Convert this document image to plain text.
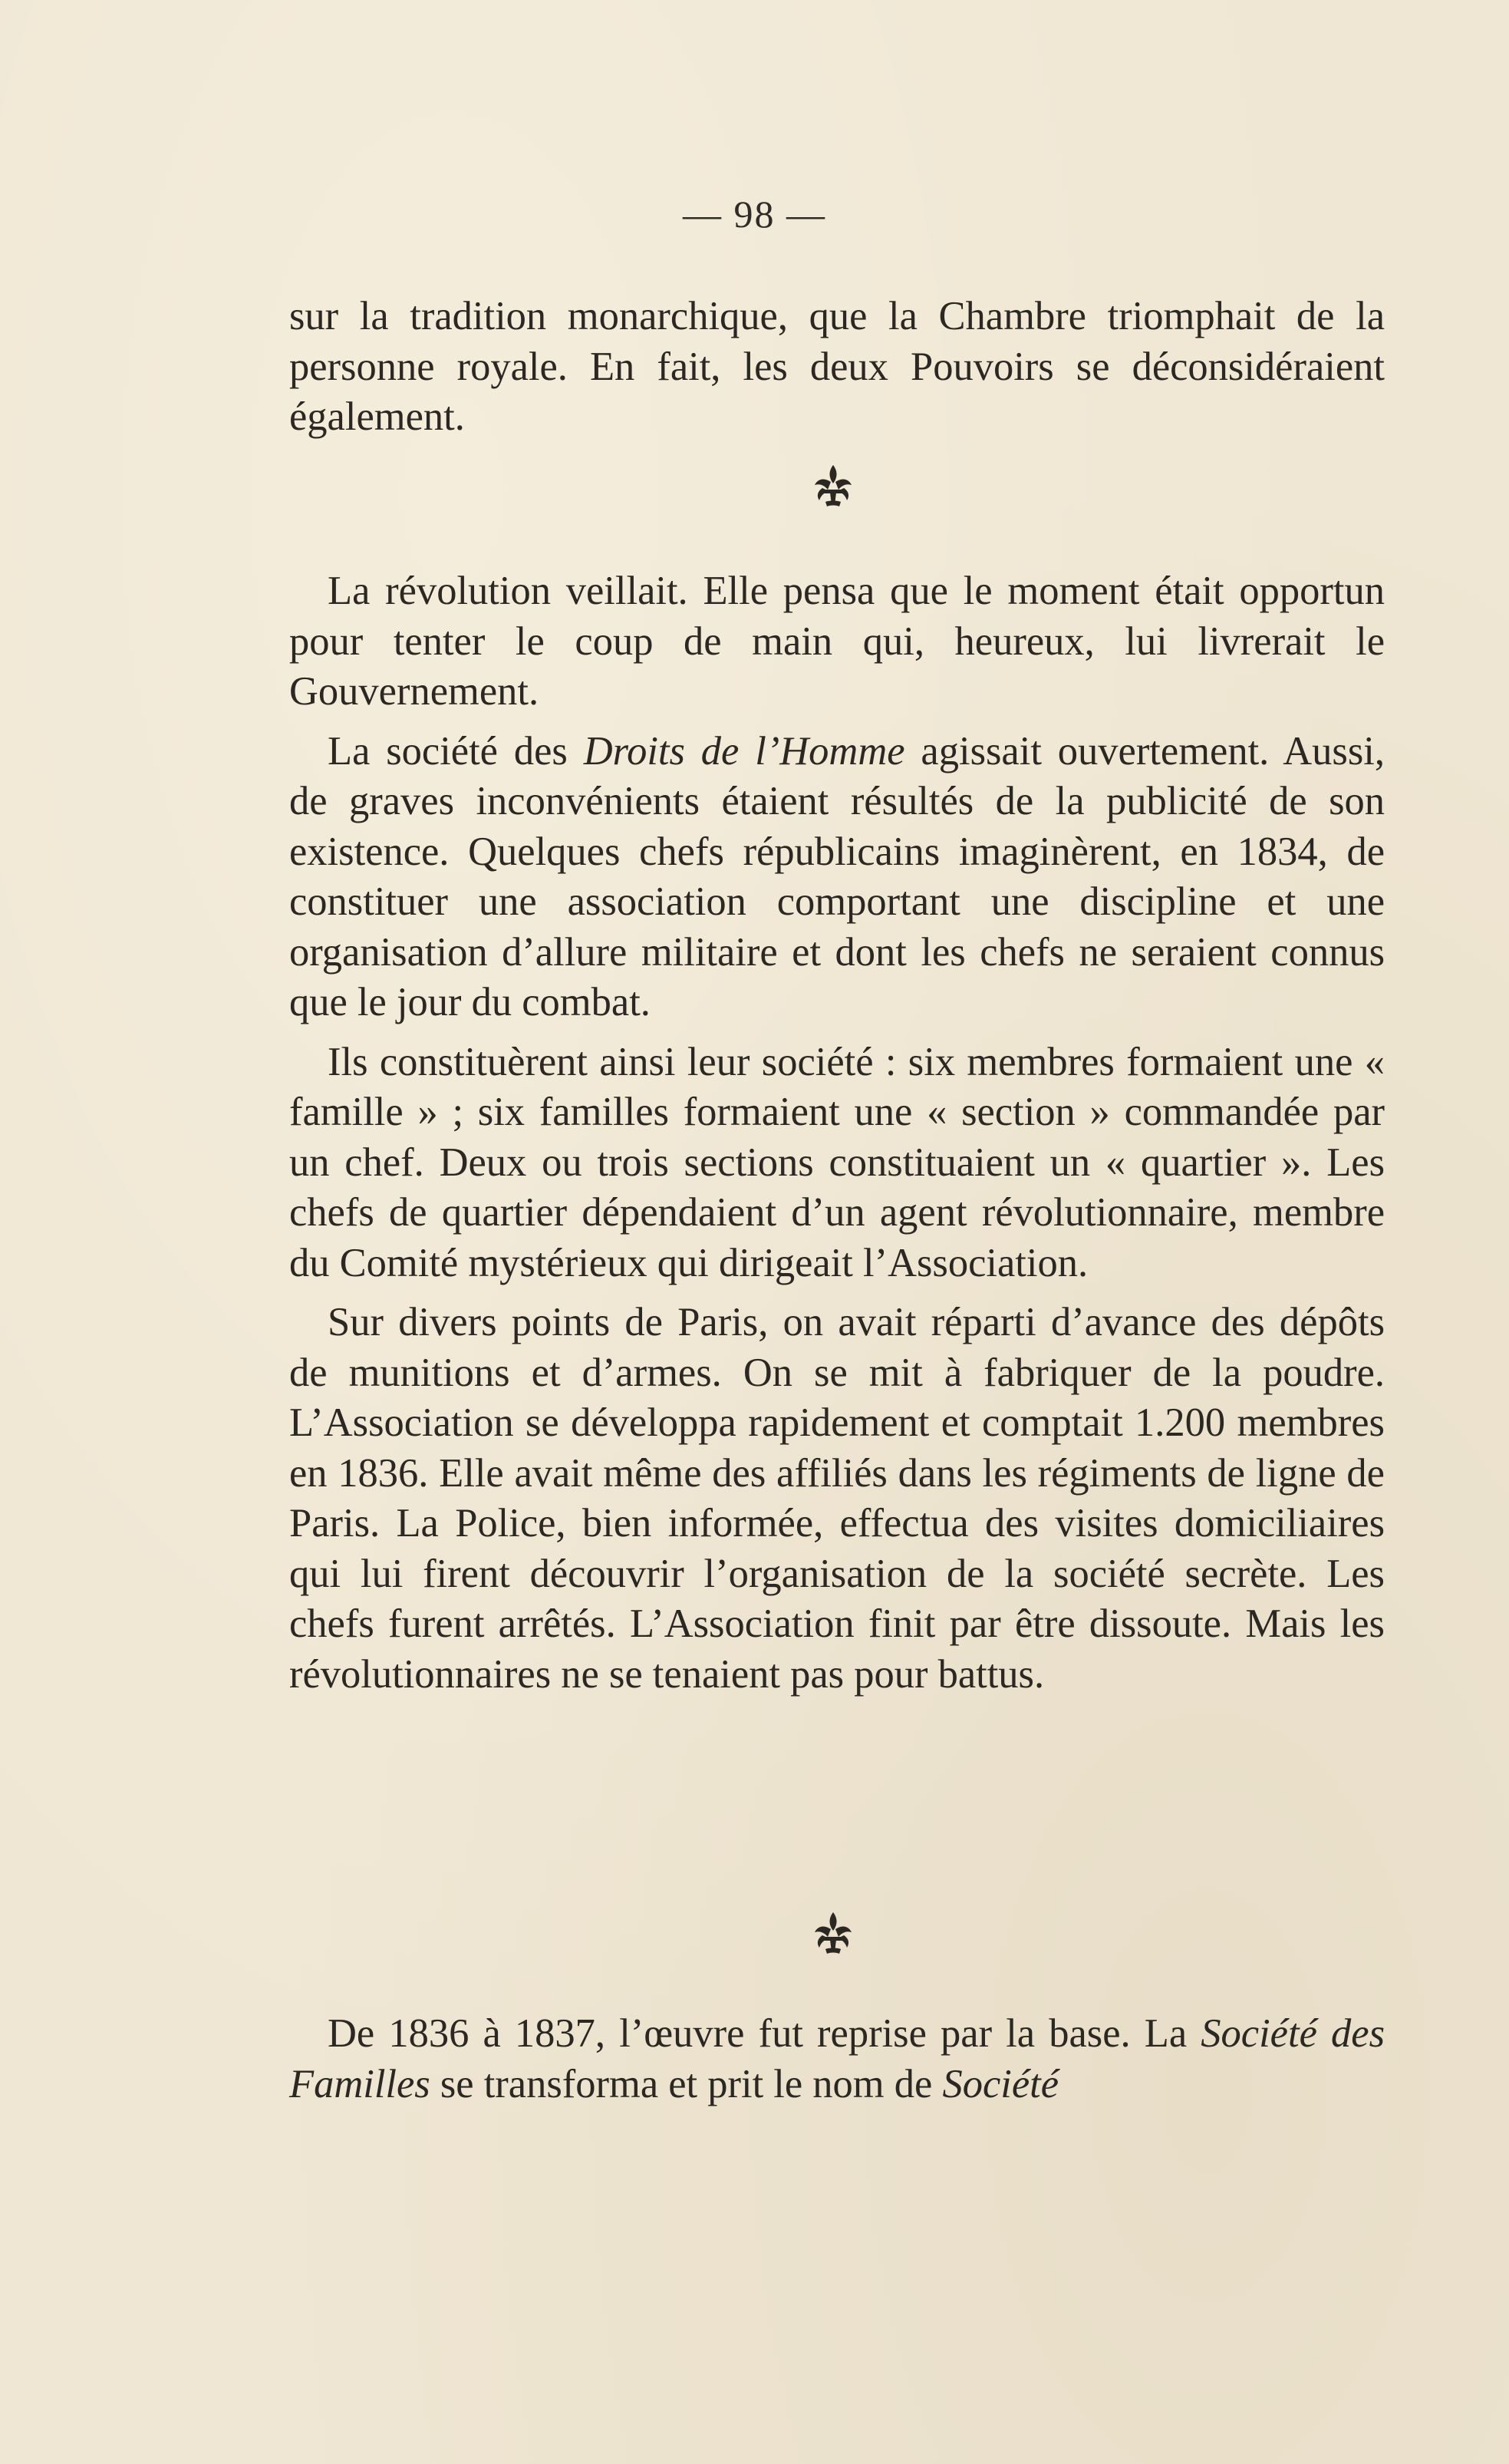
— 98 —

sur la tradition monarchique, que la Chambre triomphait de la personne royale. En fait, les deux Pouvoirs se déconsidéraient également.

La révolution veillait. Elle pensa que le moment était opportun pour tenter le coup de main qui, heureux, lui livrerait le Gouvernement.

La société des Droits de l’Homme agissait ouvertement. Aussi, de graves inconvénients étaient résultés de la publicité de son existence. Quelques chefs républicains imaginèrent, en 1834, de constituer une association comportant une discipline et une organisation d’allure militaire et dont les chefs ne seraient connus que le jour du combat.

Ils constituèrent ainsi leur société : six membres formaient une « famille » ; six familles formaient une « section » commandée par un chef. Deux ou trois sections constituaient un « quartier ». Les chefs de quartier dépendaient d’un agent révolutionnaire, membre du Comité mystérieux qui dirigeait l’Association.

Sur divers points de Paris, on avait réparti d’avance des dépôts de munitions et d’armes. On se mit à fabriquer de la poudre. L’Association se développa rapidement et comptait 1.200 membres en 1836. Elle avait même des affiliés dans les régiments de ligne de Paris. La Police, bien informée, effectua des visites domiciliaires qui lui firent découvrir l’organisation de la société secrète. Les chefs furent arrêtés. L’Association finit par être dissoute. Mais les révolutionnaires ne se tenaient pas pour battus.

De 1836 à 1837, l’œuvre fut reprise par la base. La Société des Familles se transforma et prit le nom de Société
